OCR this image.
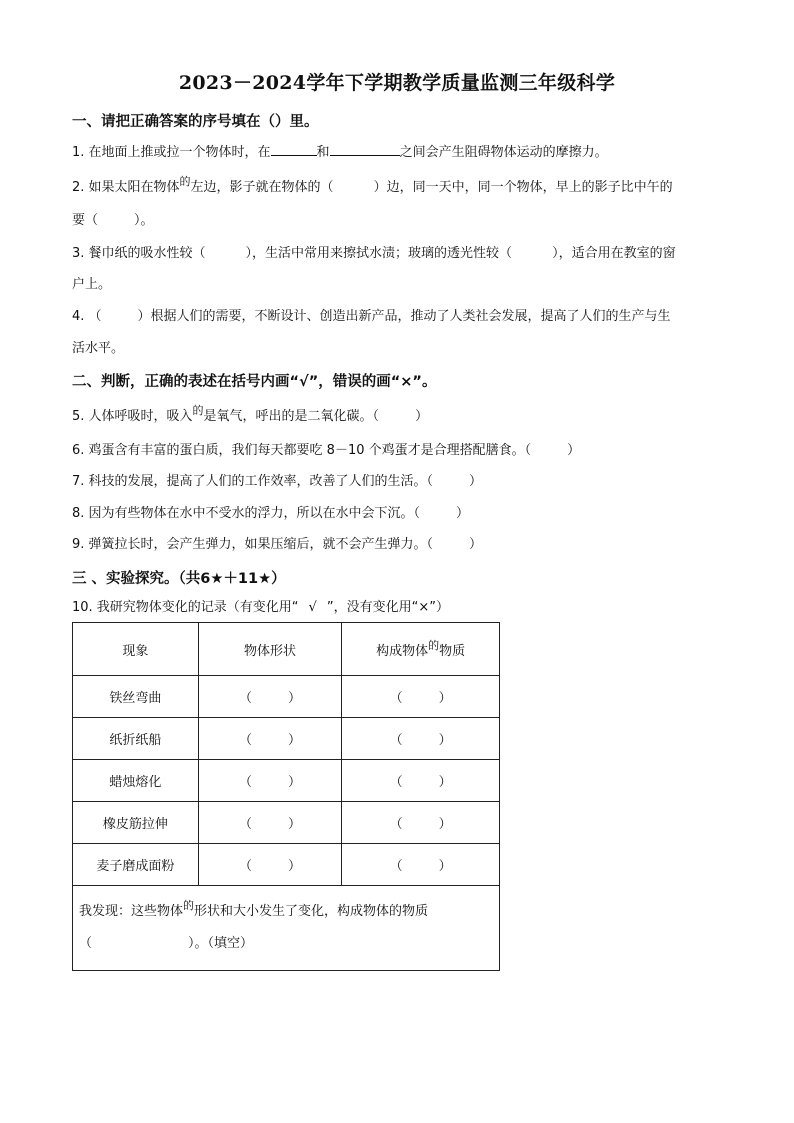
2023－2024学年下学期教学质量监测三年级科学
一、请把正确答案的序号填在（）里。
1. 在地面上推或拉一个物体时，在	和	之间会产生阻碍物体运动的摩擦力。
2. 如果太阳在物体$^的$左边，影子就在物体的（	）边，同一天中，同一个物体，早上的影子比中午的
要（	）。
3. 餐巾纸的吸水性较（	），生活中常用来擦拭水渍；玻璃的透光性较（	），适合用在教室的窗
户上。
4. （	）根据人们的需要，不断设计、创造出新产品，推动了人类社会发展，提高了人们的生产与生
活水平。
二、判断，正确的表述在括号内画“√”，错误的画“×”。
5. 人体呼吸时，吸入$^的$是氧气，呼出的是二氧化碳。（	）
6. 鸡蛋含有丰富的蛋白质，我们每天都要吃 8－10 个鸡蛋才是合理搭配膳食。（	）
7. 科技的发展，提高了人们的工作效率，改善了人们的生活。（	）
8. 因为有些物体在水中不受水的浮力，所以在水中会下沉。（	）
9. 弹簧拉长时，会产生弹力，如果压缩后，就不会产生弹力。（	）
三 、实验探究。（共6★＋11★）
10. 我研究物体变化的记录（有变化用“ √ ”，没有变化用“×”）
现象	物体形状	构成物体$^的$物质
铁丝弯曲	（ ）	（ ）
纸折纸船	（ ）	（ ）
蜡烛熔化	（ ）	（ ）
橡皮筋拉伸	（ ）	（ ）
麦子磨成面粉	（ ）	（ ）

我发现：这些物体$^的$形状和大小发生了变化，构成物体的物质
（ ）。（填空）		
